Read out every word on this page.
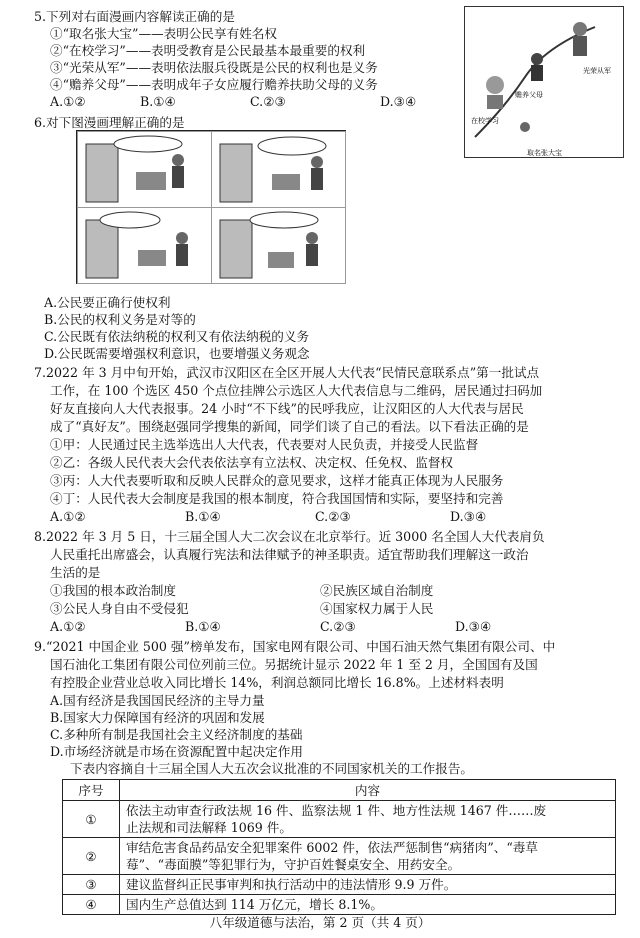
5.下列对右面漫画内容解读正确的是
①“取名张大宝”——表明公民享有姓名权
②“在校学习”——表明受教育是公民最基本最重要的权利
③“光荣从军”——表明依法服兵役既是公民的权利也是义务
④“赡养父母”——表明成年子女应履行赡养扶助父母的义务
A.①②	B.①④	C.②③	D.③④
光荣从军
赡养父母
在校学习
取名张大宝
6.对下图漫画理解正确的是
A.公民要正确行使权利
B.公民的权利义务是对等的
C.公民既有依法纳税的权利又有依法纳税的义务
D.公民既需要增强权利意识，也要增强义务观念
7.2022 年 3 月中旬开始，武汉市汉阳区在全区开展人大代表“民情民意联系点”第一批试点
工作，在 100 个选区 450 个点位挂牌公示选区人大代表信息与二维码，居民通过扫码加
好友直接向人大代表报事。24 小时“不下线”的民呼我应，让汉阳区的人大代表与居民
成了“真好友”。围绕赵强同学搜集的新闻，同学们谈了自己的看法。以下看法正确的是
①甲：人民通过民主选举选出人大代表，代表要对人民负责，并接受人民监督
②乙：各级人民代表大会代表依法享有立法权、决定权、任免权、监督权
③丙：人大代表要听取和反映人民群众的意见要求，这样才能真正体现为人民服务
④丁：人民代表大会制度是我国的根本制度，符合我国国情和实际，要坚持和完善
A.①②	B.①④	C.②③	D.③④
8.2022 年 3 月 5 日，十三届全国人大二次会议在北京举行。近 3000 名全国人大代表肩负
人民重托出席盛会，认真履行宪法和法律赋予的神圣职责。适宜帮助我们理解这一政治
生活的是
①我国的根本政治制度	②民族区域自治制度
③公民人身自由不受侵犯	④国家权力属于人民
A.①②	B.①④	C.②③	D.③④
9.“2021 中国企业 500 强”榜单发布，国家电网有限公司、中国石油天然气集团有限公司、中
国石油化工集团有限公司位列前三位。另据统计显示 2022 年 1 至 2 月，全国国有及国
有控股企业营业总收入同比增长 14%，利润总额同比增长 16.8%。上述材料表明
A.国有经济是我国国民经济的主导力量
B.国家大力保障国有经济的巩固和发展
C.多种所有制是我国社会主义经济制度的基础
D.市场经济就是市场在资源配置中起决定作用
下表内容摘自十三届全国人大五次会议批准的不同国家机关的工作报告。
序号	内容
①	依法主动审查行政法规 16 件、监察法规 1 件、地方性法规 1467 件……废
止法规和司法解释 1069 件。

②	审结危害食品药品安全犯罪案件 6002 件，依法严惩制售“病猪肉”、“毒草
莓”、“毒面膜”等犯罪行为，守护百姓餐桌安全、用药安全。

③	建议监督纠正民事审判和执行活动中的违法情形 9.9 万件。
④	国内生产总值达到 114 万亿元，增长 8.1%。
八年级道德与法治，第 2 页（共 4 页）
